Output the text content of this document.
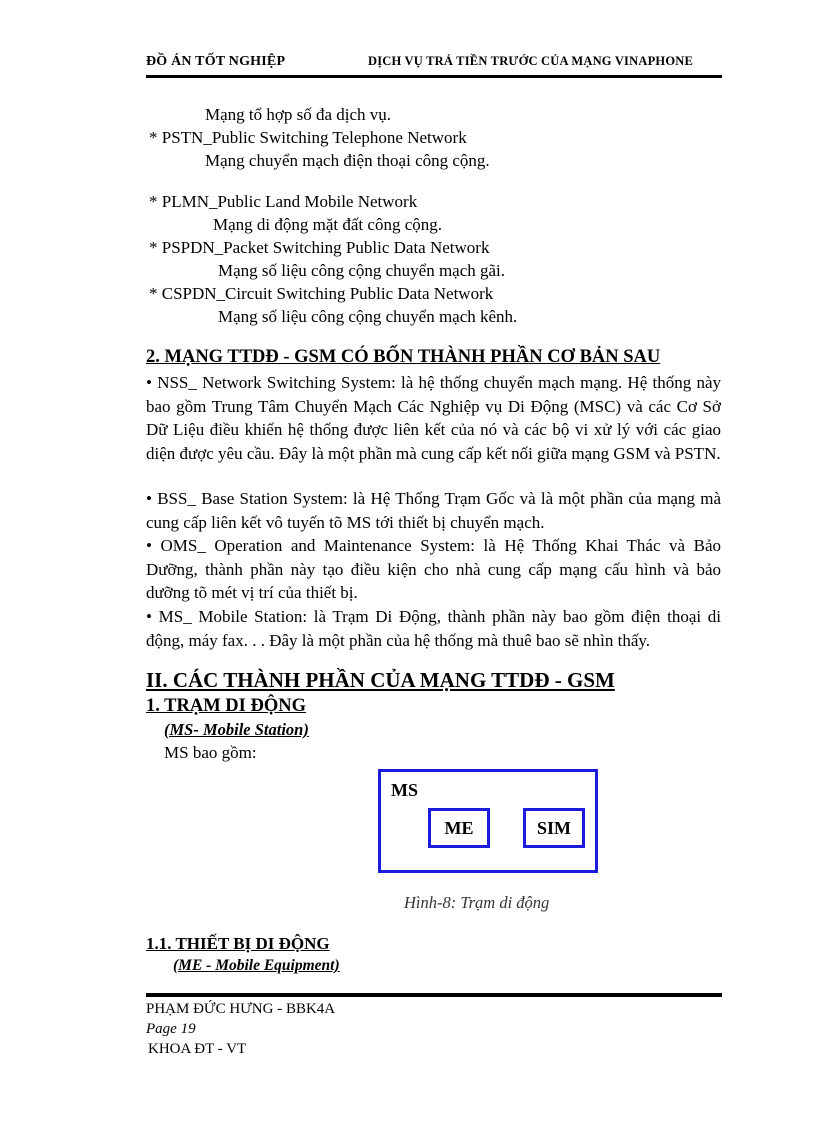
ĐỒ ÁN TỐT NGHIỆP	DỊCH VỤ TRẢ TIỀN TRƯỚC CỦA MẠNG VINAPHONE
Mạng tổ hợp số đa dịch vụ.
* PSTN_Public Switching Telephone Network
Mạng chuyển mạch điện thoại công cộng.
* PLMN_Public Land Mobile Network
Mạng di động mặt đất công cộng.
* PSPDN_Packet Switching Public Data Network
Mạng số liệu công cộng chuyển mạch gãi.
* CSPDN_Circuit Switching Public Data Network
Mạng số liệu công cộng chuyển mạch kênh.
2. MẠNG TTDĐ - GSM CÓ BỐN THÀNH PHẦN CƠ BẢN SAU
• NSS_ Network Switching System: là hệ thống chuyển mạch mạng. Hệ thống này bao gồm Trung Tâm Chuyển Mạch Các Nghiệp vụ Di Động (MSC) và các Cơ Sở Dữ Liệu điều khiển hệ thống được liên kết của nó và các bộ vi xử lý với các giao diện được yêu cầu. Đây là một phần mà cung cấp kết nối giữa mạng GSM và PSTN.
• BSS_ Base Station System: là Hệ Thống Trạm Gốc và là một phần của mạng mà cung cấp liên kết vô tuyến tõ MS tới thiết bị chuyển mạch.
• OMS_ Operation and Maintenance System: là Hệ Thống Khai Thác và Bảo Dưỡng, thành phần này tạo điều kiện cho nhà cung cấp mạng cấu hình và bảo dưỡng tõ mét vị trí của thiết bị.
• MS_ Mobile Station: là Trạm Di Động, thành phần này bao gồm điện thoại di động, máy fax. . . Đây là một phần của hệ thống mà thuê bao sẽ nhìn thấy.
II. CÁC THÀNH PHẦN CỦA MẠNG TTDĐ - GSM
1. TRẠM DI ĐỘNG
(MS- Mobile Station)
MS bao gồm:
MS
ME	SIM
Hình-8: Trạm di động
1.1. THIẾT BỊ DI ĐỘNG
(ME - Mobile Equipment)
PHẠM ĐỨC HƯNG - BBK4A
Page 19
KHOA ĐT - VT
